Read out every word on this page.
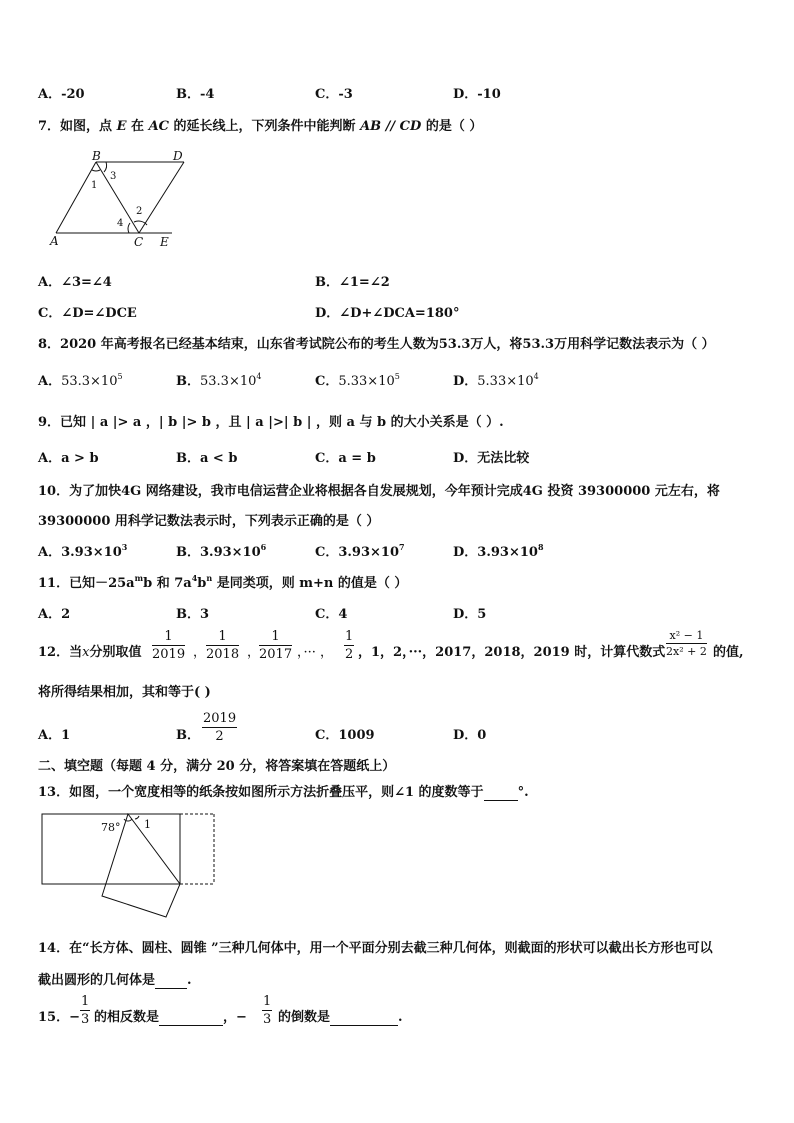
A．-20	B．-4	C．-3	D．-10
7．如图，点 E 在 AC 的延长线上，下列条件中能判断 AB // CD 的是（ ）
B	D
A	C E
1
2
3
4
A．∠3=∠4	B．∠1=∠2
C．∠D=∠DCE	D．∠D+∠DCA=180°
8．2020 年高考报名已经基本结束，山东省考试院公布的考生人数为53.3万人，将53.3万用科学记数法表示为（ ）
A．$53.3\times 10^5$	B．$53.3\times 10^4$	C．$5.33\times 10^5$	D．$5.33\times 10^4$
9．已知 | a |> a ，| b |> b ，且 | a |>| b | ，则 a 与 b 的大小关系是（ ）.
A．a > b	B．a < b	C．a = b	D．无法比较
10．为了加快4G 网络建设，我市电信运营企业将根据各自发展规划，今年预计完成4G 投资 39300000 元左右，将
39300000 用科学记数法表示时，下列表示正确的是（ ）
A．$3.93\times 10^3$	B．$3.93\times 10^6$	C．$3.93\times 10^7$	D．$3.93\times 10^8$
11．已知$-25a^mb$ 和 $7a^4b^n$ 是同类项，则 m+n 的值是（ ）
A．2	B．3	C．4	D．5
12．当x分别取值 $\frac{1}{2019}$ ， $\frac{1}{2018}$ ，
$\frac{1}{2017}$ ，··· ， $\frac{1}{2}$ ，1，2，···，2017，2018，2019 时，计算代数式 $\frac{\text{x² − 1}}{\text{2x² + 2}}$ 的值,
将所得结果相加，其和等于( )
A．1	B． $\frac{2019}{2}$	C．1009	D．0
二、填空题（每题 4 分，满分 20 分，将答案填在答题纸上）
13．如图，一个宽度相等的纸条按如图所示方法折叠压平，则∠1 的度数等于	°.
78° 1
14．在“长方体、圆柱、圆锥 ”三种几何体中，用一个平面分别去截三种几何体，则截面的形状可以截出长方形也可以
截出圆形的几何体是 .
15．− $\frac{1}{3}$ 的相反数是	，− $\frac{1}{3}$ 的倒数是	.
